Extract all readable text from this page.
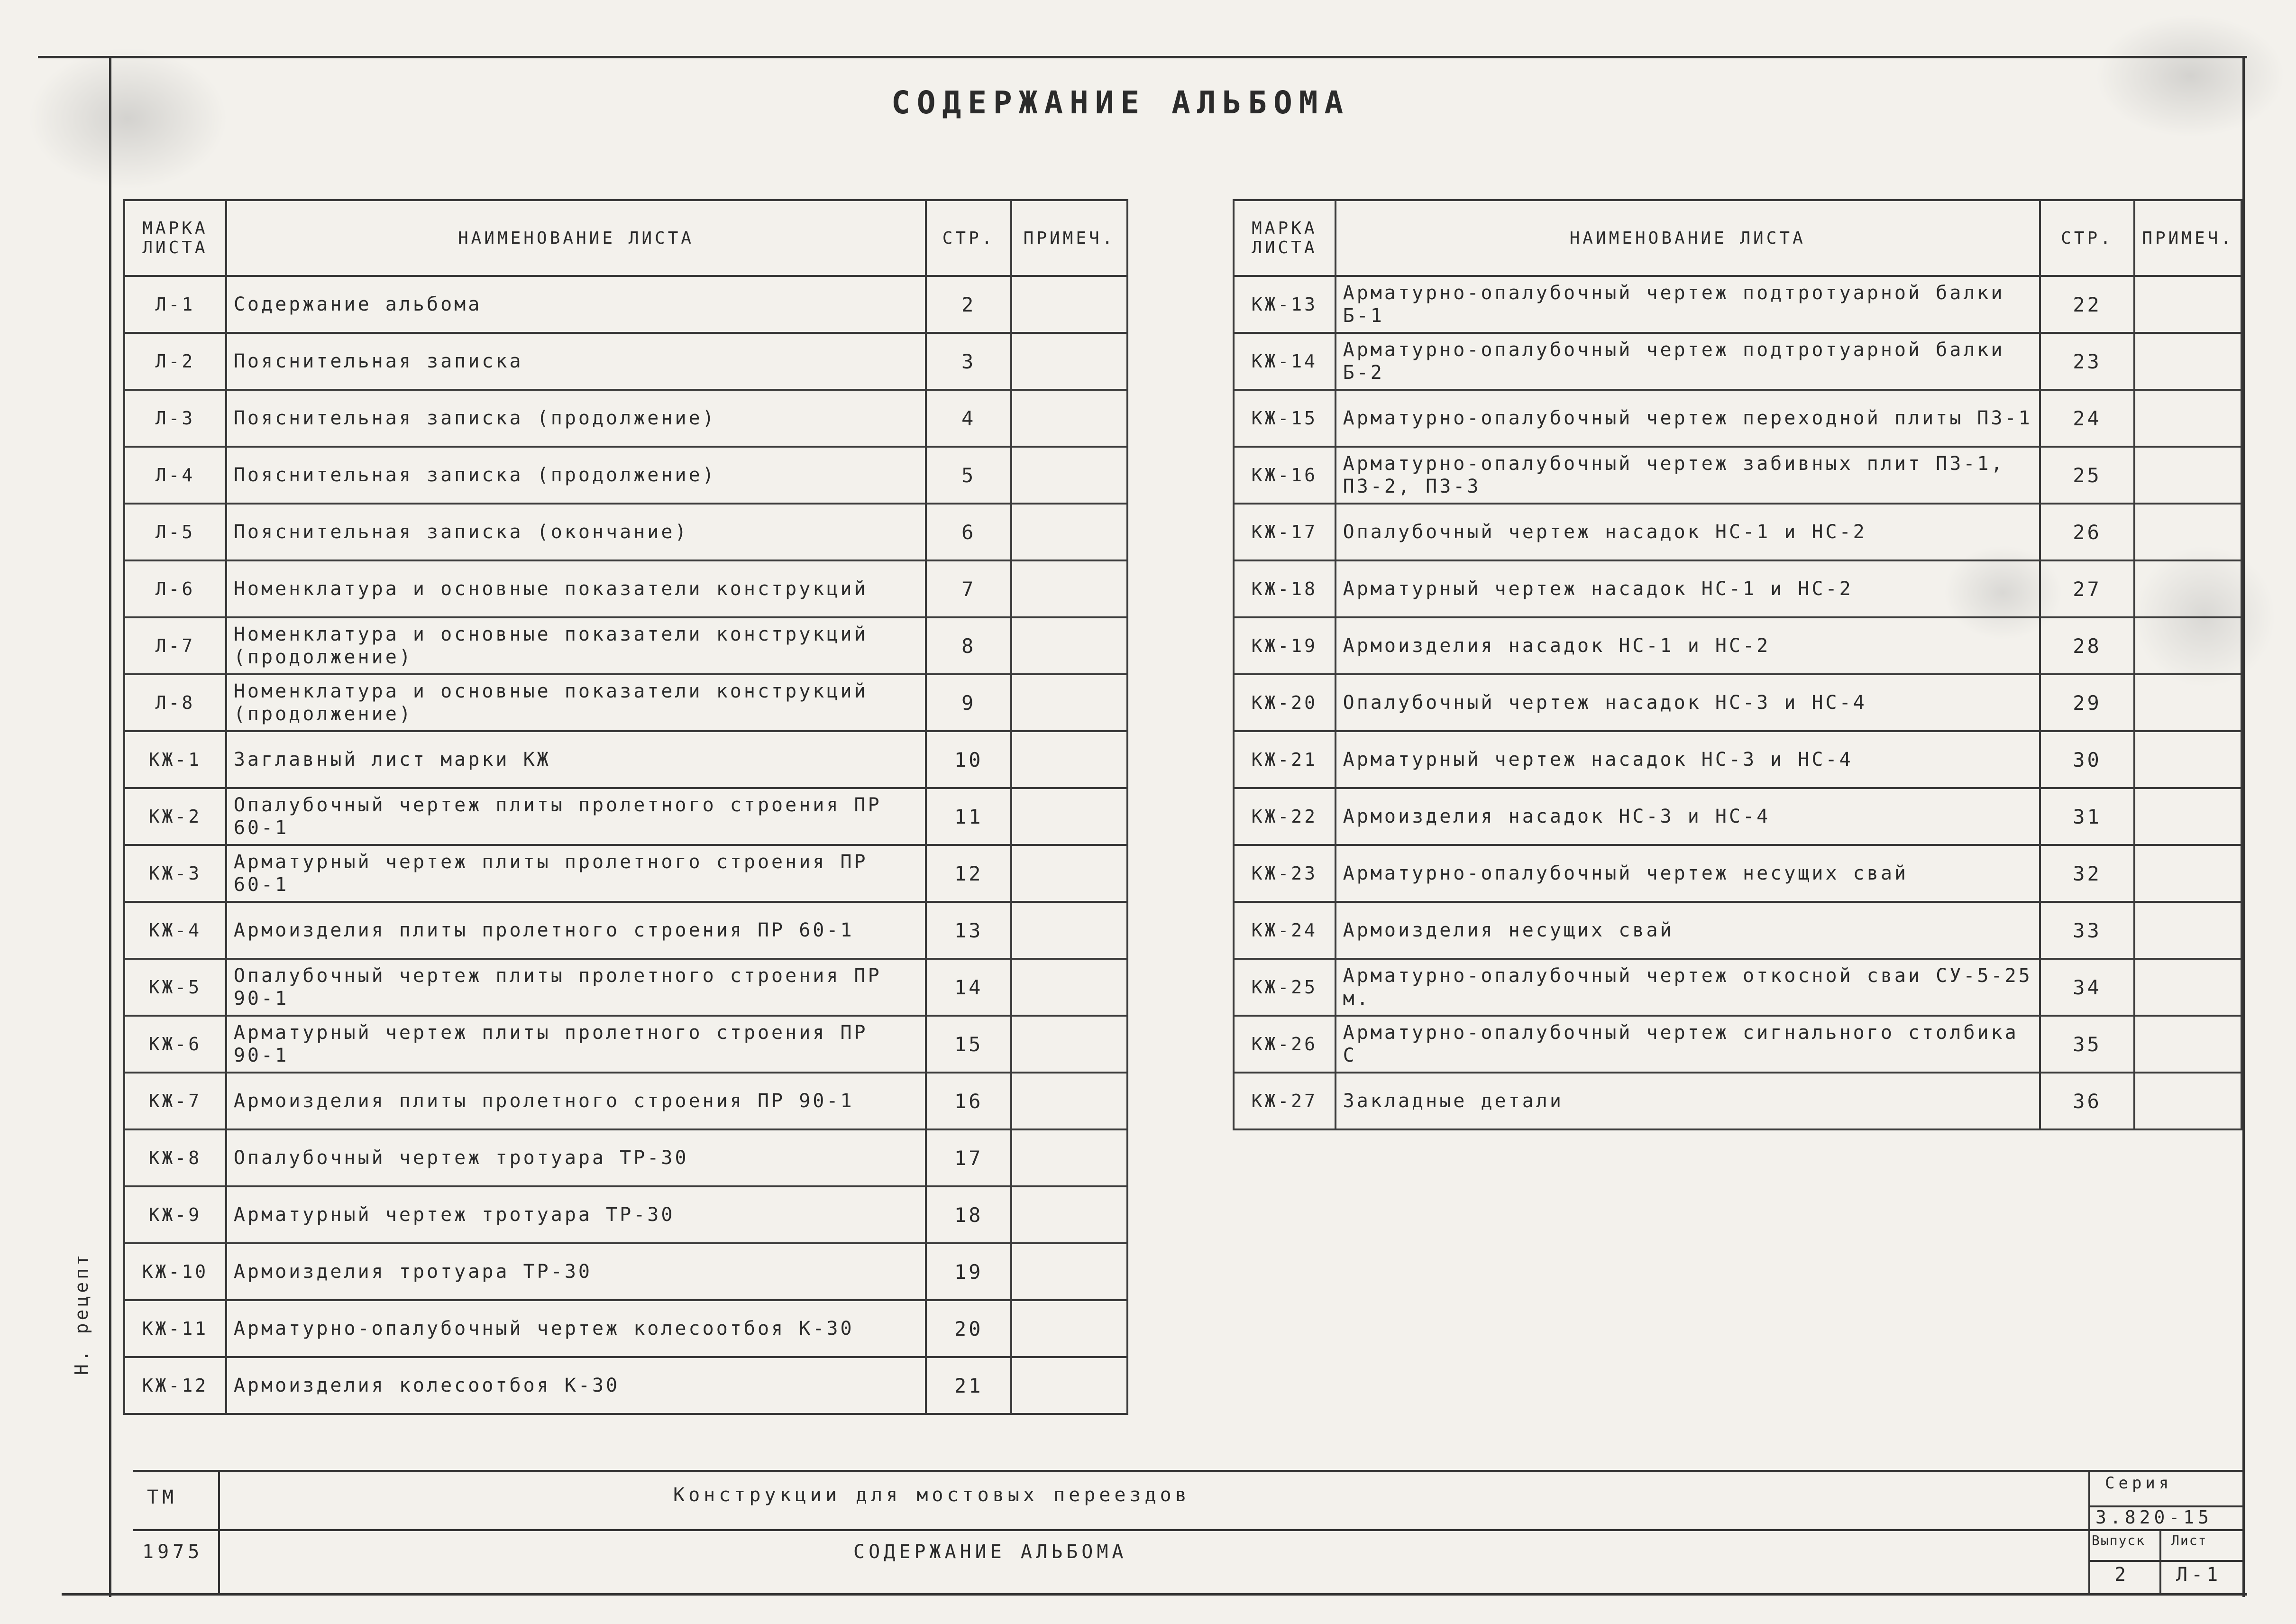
СОДЕРЖАНИЕ АЛЬБОМА
МАРКА ЛИСТА	НАИМЕНОВАНИЕ ЛИСТА	СТР.	ПРИМЕЧ.
Л-1	Содержание альбома	2	
Л-2	Пояснительная записка	3	
Л-3	Пояснительная записка (продолжение)	4	
Л-4	Пояснительная записка (продолжение)	5	
Л-5	Пояснительная записка (окончание)	6	
Л-6	Номенклатура и основные показатели конструкций	7	
Л-7	Номенклатура и основные показатели конструкций (продолжение)	8	
Л-8	Номенклатура и основные показатели конструкций (продолжение)	9	
КЖ-1	Заглавный лист марки КЖ	10	
КЖ-2	Опалубочный чертеж плиты пролетного строения ПР 60-1	11	
КЖ-3	Арматурный чертеж плиты пролетного строения ПР 60-1	12	
КЖ-4	Армоизделия плиты пролетного строения ПР 60-1	13	
КЖ-5	Опалубочный чертеж плиты пролетного строения ПР 90-1	14	
КЖ-6	Арматурный чертеж плиты пролетного строения ПР 90-1	15	
КЖ-7	Армоизделия плиты пролетного строения ПР 90-1	16	
КЖ-8	Опалубочный чертеж тротуара ТР-30	17	
КЖ-9	Арматурный чертеж тротуара ТР-30	18	
КЖ-10	Армоизделия тротуара ТР-30	19	
КЖ-11	Арматурно-опалубочный чертеж колесоотбоя К-30	20	
КЖ-12	Армоизделия колесоотбоя К-30	21	
МАРКА ЛИСТА	НАИМЕНОВАНИЕ ЛИСТА	СТР.	ПРИМЕЧ.
КЖ-13	Арматурно-опалубочный чертеж подтротуарной балки Б-1	22	
КЖ-14	Арматурно-опалубочный чертеж подтротуарной балки Б-2	23	
КЖ-15	Арматурно-опалубочный чертеж переходной плиты П3-1	24	
КЖ-16	Арматурно-опалубочный чертеж забивных плит П3-1, П3-2, П3-3	25	
КЖ-17	Опалубочный чертеж насадок НС-1 и НС-2	26	
КЖ-18	Арматурный чертеж насадок НС-1 и НС-2	27	
КЖ-19	Армоизделия насадок НС-1 и НС-2	28	
КЖ-20	Опалубочный чертеж насадок НС-3 и НС-4	29	
КЖ-21	Арматурный чертеж насадок НС-3 и НС-4	30	
КЖ-22	Армоизделия насадок НС-3 и НС-4	31	
КЖ-23	Арматурно-опалубочный чертеж несущих свай	32	
КЖ-24	Армоизделия несущих свай	33	
КЖ-25	Арматурно-опалубочный чертеж откосной сваи СУ-5-25 м.	34	
КЖ-26	Арматурно-опалубочный чертеж сигнального столбика С	35	
КЖ-27	Закладные детали	36	
Н. рецепт
ТМ
1975
Конструкции для мостовых переездов
СОДЕРЖАНИЕ АЛЬБОМА
Серия
3.820-15
Выпуск
2
Лист
Л-1
